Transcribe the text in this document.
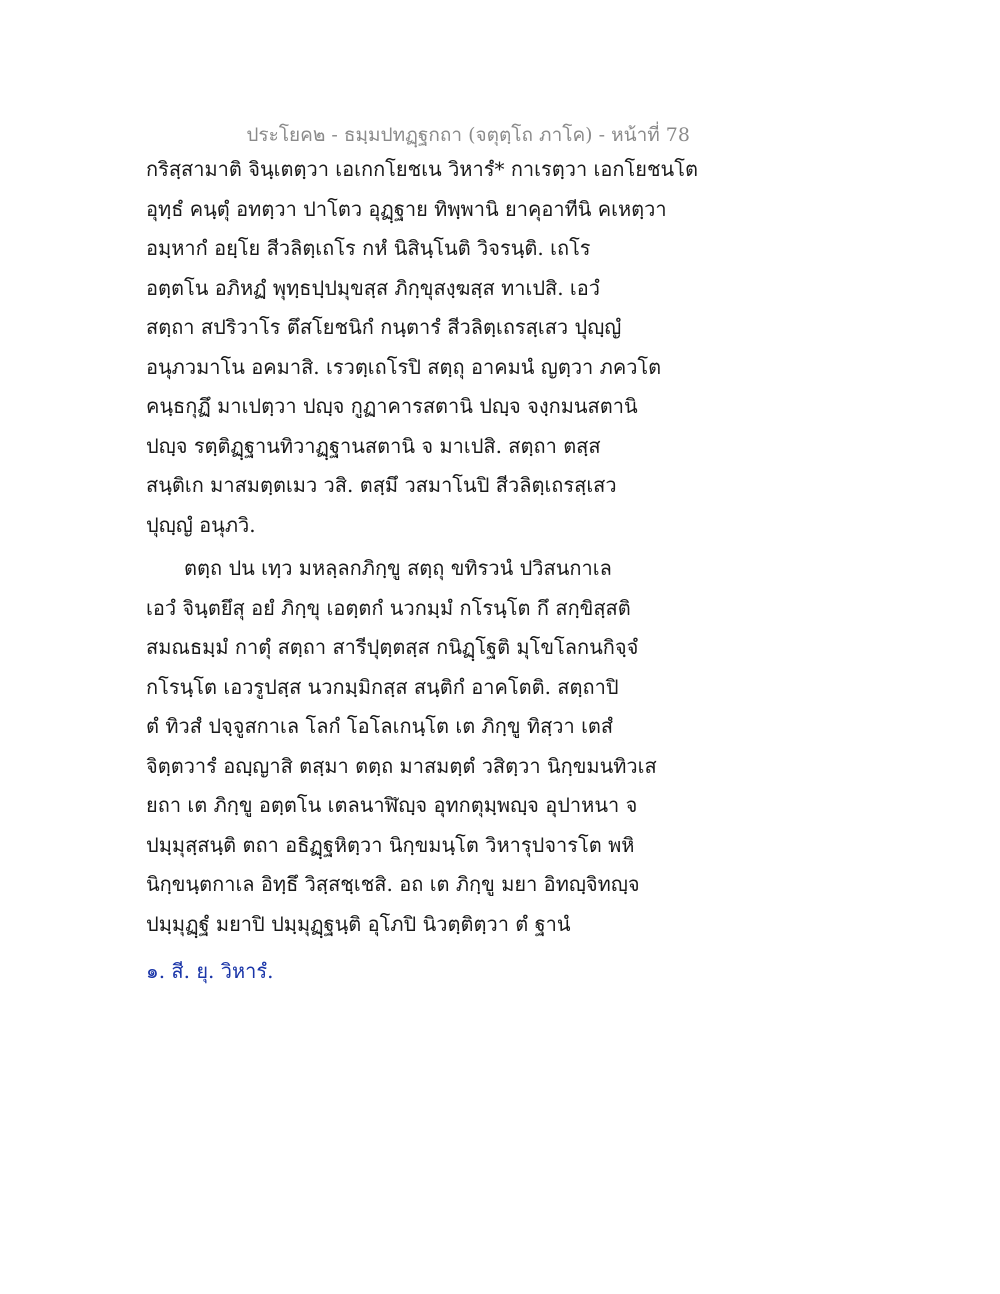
ประโยค๒ - ธมฺมปทฏฺฐกถา (จตุตฺโถ ภาโค) - หน้าที่ 78
กริสฺสามาติ จินฺเตตฺวา เอเกกโยชเน วิหารํ* กาเรตฺวา เอกโยชนโต
อุทฺธํ คนฺตุํ อทตฺวา ปาโตว อุฏฺฐาย ทิพฺพานิ ยาคุอาทีนิ คเหตฺวา
อมฺหากํ อยฺโย สีวลิตฺเถโร กหํ นิสินฺโนติ วิจรนฺติ. เถโร
อตฺตโน อภิหฏํ พุทฺธปฺปมุขสฺส ภิกฺขุสงฺฆสฺส ทาเปสิ. เอวํ
สตฺถา สปริวาโร ตึสโยชนิกํ กนฺตารํ สีวลิตฺเถรสฺเสว ปุญฺญํ
อนุภวมาโน อคมาสิ. เรวตฺเถโรปิ สตฺถุ อาคมนํ ญตฺวา ภควโต
คนฺธกุฏึ มาเปตฺวา ปญฺจ กูฏาคารสตานิ ปญฺจ จงฺกมนสตานิ
ปญฺจ รตฺติฏฺฐานทิวาฏฺฐานสตานิ จ มาเปสิ. สตฺถา ตสฺส
สนฺติเก มาสมตฺตเมว วสิ. ตสฺมึ วสมาโนปิ สีวลิตฺเถรสฺเสว
ปุญฺญํ อนุภวิ.
ตตฺถ ปน เทฺว มหลฺลกภิกฺขู สตฺถุ ขทิรวนํ ปวิสนกาเล
เอวํ จินฺตยึสุ อยํ ภิกฺขุ เอตฺตกํ นวกมฺมํ กโรนฺโต กึ สกฺขิสฺสติ
สมณธมฺมํ กาตุํ สตฺถา สารีปุตฺตสฺส กนิฏฺโฐติ มุโขโลกนกิจฺจํ
กโรนฺโต เอวรูปสฺส นวกมฺมิกสฺส สนฺติกํ อาคโตติ. สตฺถาปิ
ตํ ทิวสํ ปจฺจูสกาเล โลกํ โอโลเกนฺโต เต ภิกฺขู ทิสฺวา เตสํ
จิตฺตวารํ อญฺญาสิ ตสฺมา ตตฺถ มาสมตฺตํ วสิตฺวา นิกฺขมนทิวเส
ยถา เต ภิกฺขู อตฺตโน เตลนาฬิญฺจ อุทกตุมฺพญฺจ อุปาหนา จ
ปมฺมุสฺสนฺติ ตถา อธิฏฺฐหิตฺวา นิกฺขมนฺโต วิหารุปจารโต พหิ
นิกฺขนฺตกาเล อิทฺธึ วิสฺสชฺเชสิ. อถ เต ภิกฺขู มยา อิทญฺจิทญฺจ
ปมฺมุฏฺฐํ มยาปิ ปมฺมุฏฺฐนฺติ อุโภปิ นิวตฺติตฺวา ตํ ฐานํ
๑. สี. ยุ. วิหารํ.
